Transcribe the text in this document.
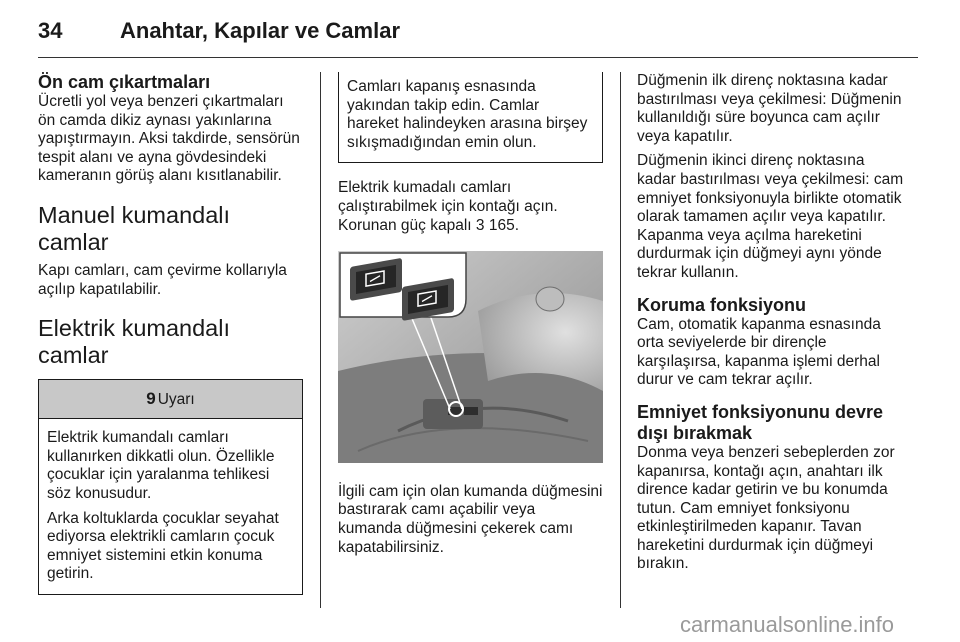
34	Anahtar, Kapılar ve Camlar
Ön cam çıkartmaları

Ücretli yol veya benzeri çıkartmaları ön camda dikiz aynası yakınlarına yapıştırmayın. Aksi takdirde, sensörün tespit alanı ve ayna gövdesindeki kameranın görüş alanı kısıtlanabilir.

Manuel kumandalı camlar

Kapı camları, cam çevirme kollarıyla açılıp kapatılabilir.

Elektrik kumandalı camlar
9 Uyarı

Elektrik kumandalı camları kullanırken dikkatli olun. Özellikle çocuklar için yaralanma tehlikesi söz konusudur.

Arka koltuklarda çocuklar seyahat ediyorsa elektrikli camların çocuk emniyet sistemini etkin konuma getirin.

Camları kapanış esnasında yakından takip edin. Camlar hareket halindeyken arasına birşey sıkışmadığından emin olun.

Elektrik kumadalı camları çalıştırabilmek için kontağı açın. Korunan güç kapalı 3 165.

İlgili cam için olan kumanda düğmesini bastırarak camı açabilir veya kumanda düğmesini çekerek camı kapatabilirsiniz.

Düğmenin ilk direnç noktasına kadar bastırılması veya çekilmesi: Düğmenin kullanıldığı süre boyunca cam açılır veya kapatılır.

Düğmenin ikinci direnç noktasına kadar bastırılması veya çekilmesi: cam emniyet fonksiyonuyla birlikte otomatik olarak tamamen açılır veya kapatılır. Kapanma veya açılma hareketini durdurmak için düğmeyi aynı yönde tekrar kullanın.

Koruma fonksiyonu

Cam, otomatik kapanma esnasında orta seviyelerde bir dirençle karşılaşırsa, kapanma işlemi derhal durur ve cam tekrar açılır.

Emniyet fonksiyonunu devre dışı bırakmak

Donma veya benzeri sebeplerden zor kapanırsa, kontağı açın, anahtarı ilk dirence kadar getirin ve bu konumda tutun. Cam emniyet fonksiyonu etkinleştirilmeden kapanır. Tavan hareketini durdurmak için düğmeyi bırakın.

carmanualsonline.info
